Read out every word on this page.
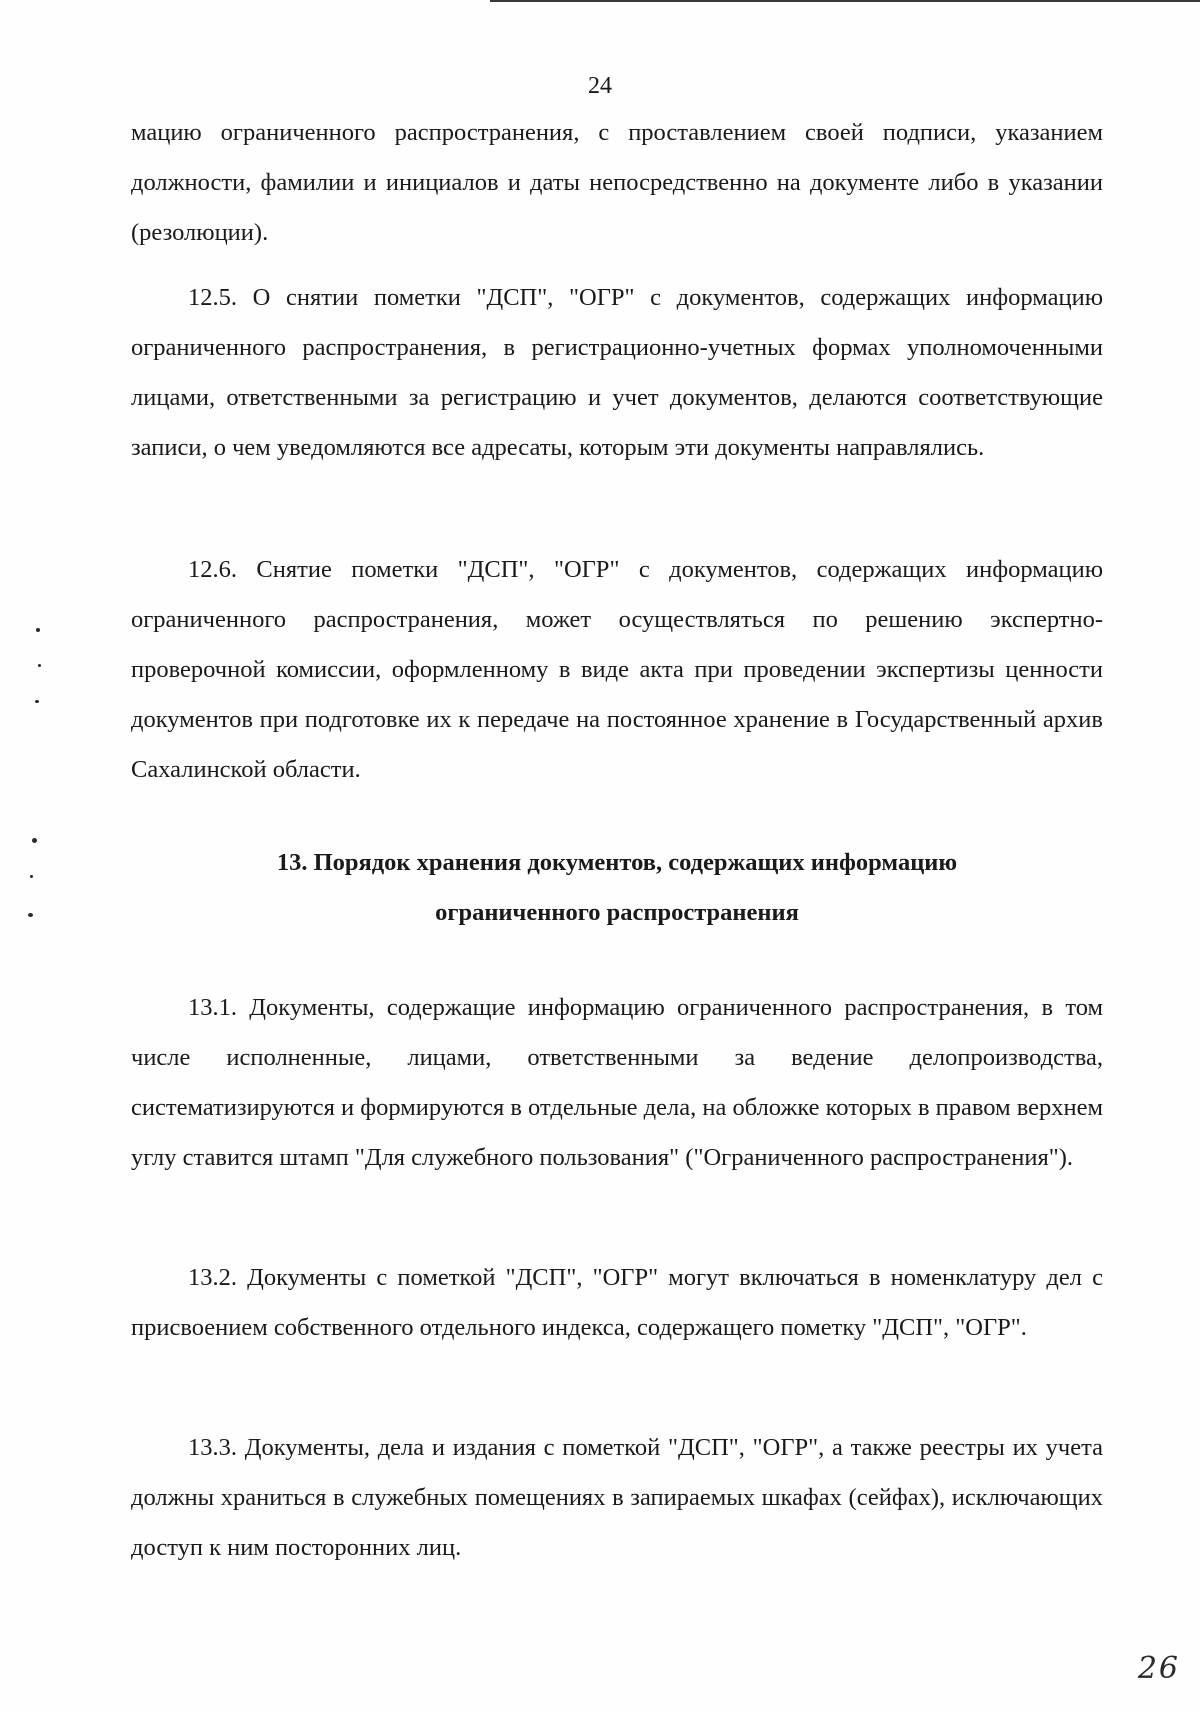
24

мацию ограниченного распространения, с проставлением своей подписи, указанием должности, фамилии и инициалов и даты непосредственно на документе либо в указании (резолюции).

12.5. О снятии пометки "ДСП", "ОГР" с документов, содержащих информацию ограниченного распространения, в регистрационно-учетных формах уполномоченными лицами, ответственными за регистрацию и учет документов, делаются соответствующие записи, о чем уведомляются все адресаты, которым эти документы направлялись.

12.6. Снятие пометки "ДСП", "ОГР" с документов, содержащих информацию ограниченного распространения, может осуществляться по решению экспертно-проверочной комиссии, оформленному в виде акта при проведении экспертизы ценности документов при подготовке их к передаче на постоянное хранение в Государственный архив Сахалинской области.

13. Порядок хранения документов, содержащих информацию
ограниченного распространения

13.1. Документы, содержащие информацию ограниченного распространения, в том числе исполненные, лицами, ответственными за ведение делопроизводства, систематизируются и формируются в отдельные дела, на обложке которых в правом верхнем углу ставится штамп "Для служебного пользования" ("Ограниченного распространения").

13.2. Документы с пометкой "ДСП", "ОГР" могут включаться в номенклатуру дел с присвоением собственного отдельного индекса, содержащего пометку "ДСП", "ОГР".

13.3. Документы, дела и издания с пометкой "ДСП", "ОГР", а также реестры их учета должны храниться в служебных помещениях в запираемых шкафах (сейфах), исключающих доступ к ним посторонних лиц.

26
